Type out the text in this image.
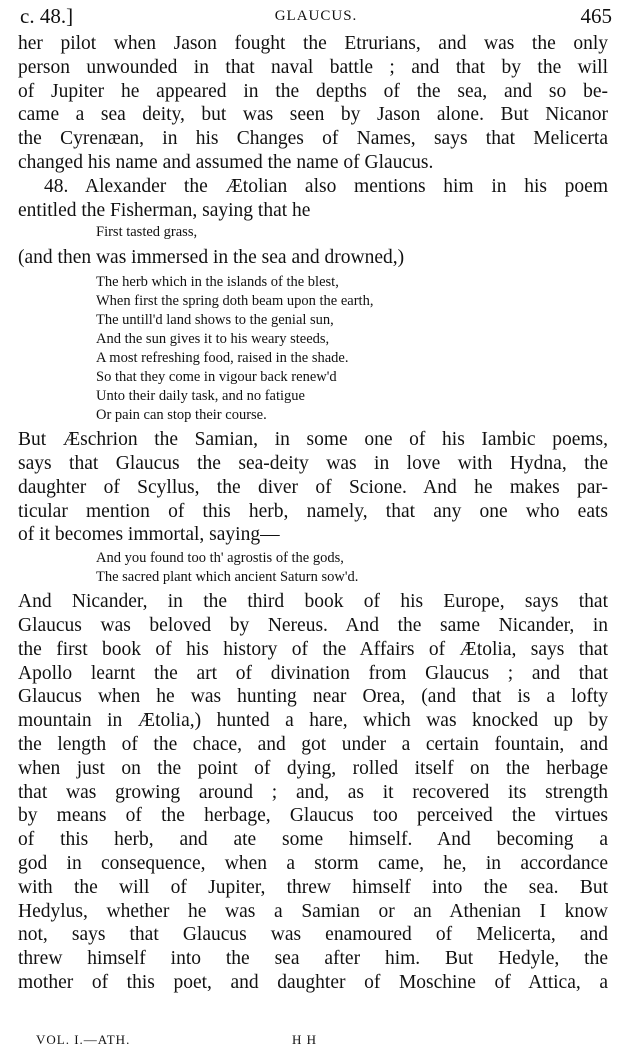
c. 48.]	GLAUCUS.	465
her pilot when Jason fought the Etrurians, and was the only
person unwounded in that naval battle ; and that by the will
of Jupiter he appeared in the depths of the sea, and so be-
came a sea deity, but was seen by Jason alone. But Nicanor
the Cyrenæan, in his Changes of Names, says that Melicerta
changed his name and assumed the name of Glaucus.
48. Alexander the Ætolian also mentions him in his poem
entitled the Fisherman, saying that he
First tasted grass,
(and then was immersed in the sea and drowned,)
The herb which in the islands of the blest,
When first the spring doth beam upon the earth,
The untill'd land shows to the genial sun,
And the sun gives it to his weary steeds,
A most refreshing food, raised in the shade.
So that they come in vigour back renew'd
Unto their daily task, and no fatigue
Or pain can stop their course.
But Æschrion the Samian, in some one of his Iambic poems,
says that Glaucus the sea-deity was in love with Hydna, the
daughter of Scyllus, the diver of Scione. And he makes par-
ticular mention of this herb, namely, that any one who eats
of it becomes immortal, saying—
And you found too th' agrostis of the gods,
The sacred plant which ancient Saturn sow'd.
And Nicander, in the third book of his Europe, says that
Glaucus was beloved by Nereus. And the same Nicander, in
the first book of his history of the Affairs of Ætolia, says that
Apollo learnt the art of divination from Glaucus ; and that
Glaucus when he was hunting near Orea, (and that is a lofty
mountain in Ætolia,) hunted a hare, which was knocked up by
the length of the chace, and got under a certain fountain, and
when just on the point of dying, rolled itself on the herbage
that was growing around ; and, as it recovered its strength
by means of the herbage, Glaucus too perceived the virtues
of this herb, and ate some himself. And becoming a
god in consequence, when a storm came, he, in accordance
with the will of Jupiter, threw himself into the sea. But
Hedylus, whether he was a Samian or an Athenian I know
not, says that Glaucus was enamoured of Melicerta, and
threw himself into the sea after him. But Hedyle, the
mother of this poet, and daughter of Moschine of Attica, a
VOL. I.—ATH.	H H
